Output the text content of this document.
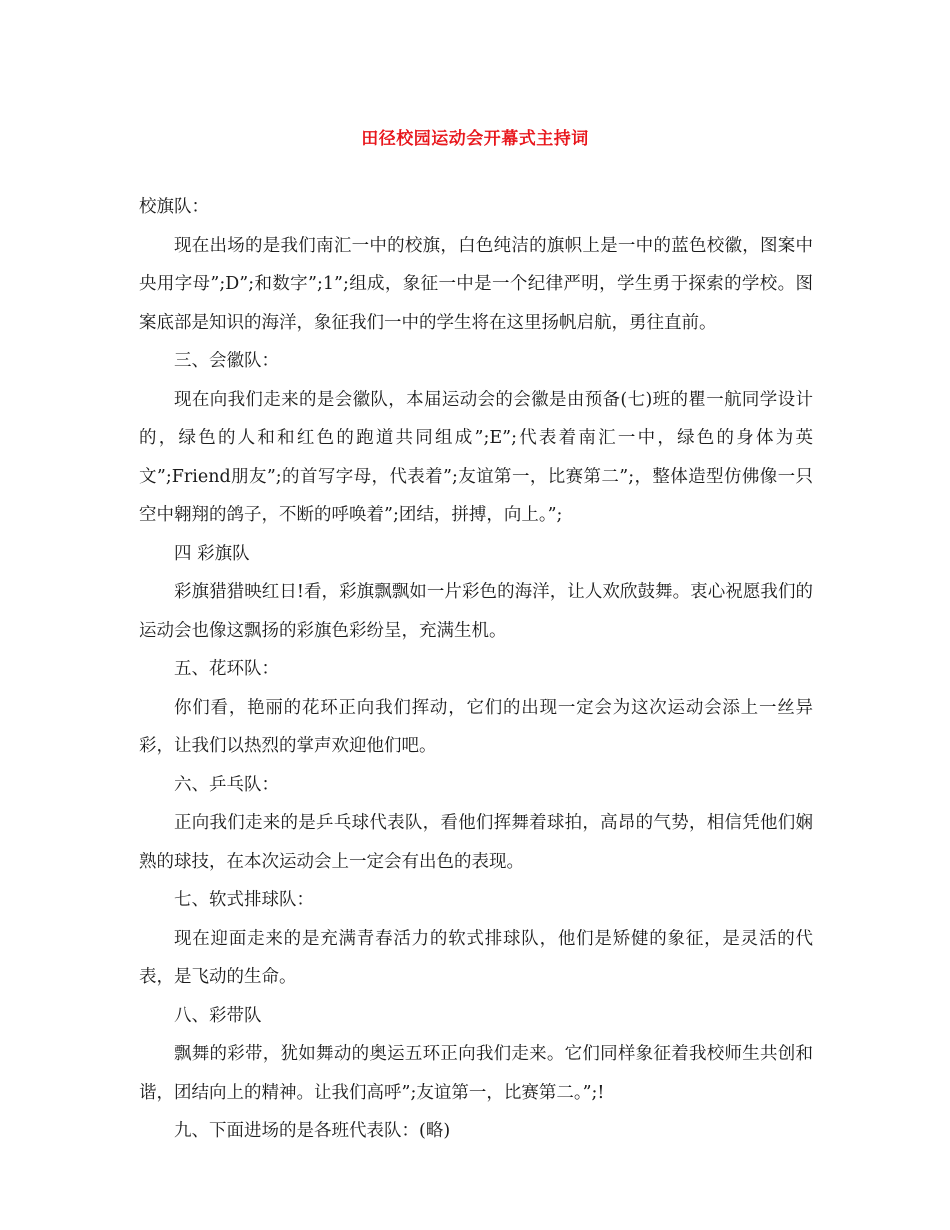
田径校园运动会开幕式主持词

校旗队：

现在出场的是我们南汇一中的校旗，白色纯洁的旗帜上是一中的蓝色校徽，图案中央用字母”;D”;和数字”;1”;组成，象征一中是一个纪律严明，学生勇于探索的学校。图案底部是知识的海洋，象征我们一中的学生将在这里扬帆启航，勇往直前。

三、会徽队：

现在向我们走来的是会徽队，本届运动会的会徽是由预备(七)班的瞿一航同学设计的，绿色的人和和红色的跑道共同组成”;E”;代表着南汇一中，绿色的身体为英文”;Friend朋友”;的首写字母，代表着”;友谊第一，比赛第二”;，整体造型仿佛像一只空中翱翔的鸽子，不断的呼唤着”;团结，拼搏，向上。”;

四 彩旗队

彩旗猎猎映红日!看，彩旗飘飘如一片彩色的海洋，让人欢欣鼓舞。衷心祝愿我们的运动会也像这飘扬的彩旗色彩纷呈，充满生机。

五、花环队：

你们看，艳丽的花环正向我们挥动，它们的出现一定会为这次运动会添上一丝异彩，让我们以热烈的掌声欢迎他们吧。

六、乒乓队：

正向我们走来的是乒乓球代表队，看他们挥舞着球拍，高昂的气势，相信凭他们娴熟的球技，在本次运动会上一定会有出色的表现。

七、软式排球队：

现在迎面走来的是充满青春活力的软式排球队，他们是矫健的象征，是灵活的代表，是飞动的生命。

八、彩带队

飘舞的彩带，犹如舞动的奥运五环正向我们走来。它们同样象征着我校师生共创和谐，团结向上的精神。让我们高呼”;友谊第一，比赛第二。”;!

九、下面进场的是各班代表队：(略)
